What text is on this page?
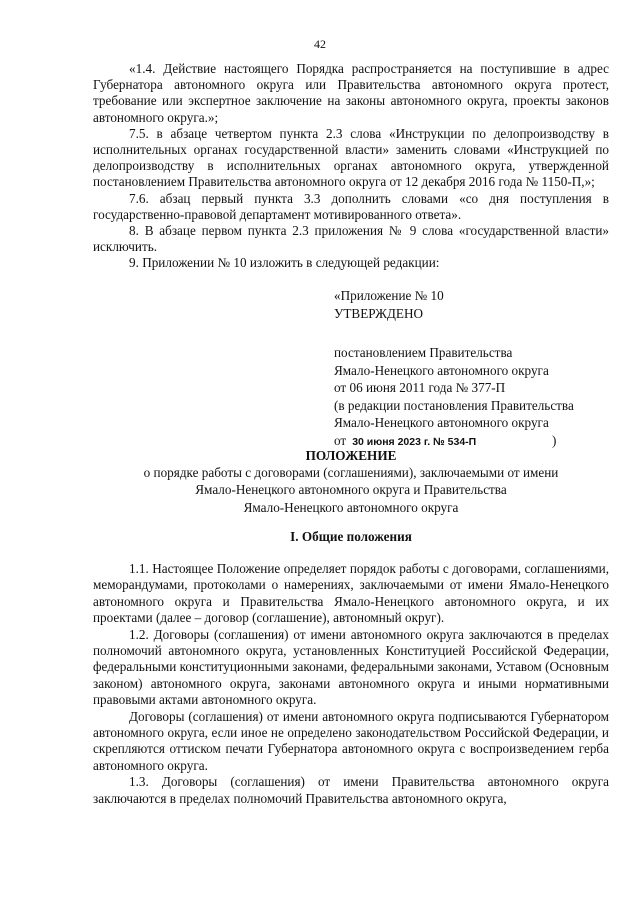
42

«1.4. Действие настоящего Порядка распространяется на поступившие в адрес Губернатора автономного округа или Правительства автономного округа протест, требование или экспертное заключение на законы автономного округа, проекты законов автономного округа.»;

7.5. в абзаце четвертом пункта 2.3 слова «Инструкции по делопроизводству в исполнительных органах государственной власти» заменить словами «Инструкцией по делопроизводству в исполнительных органах автономного округа, утвержденной постановлением Правительства автономного округа от 12 декабря 2016 года № 1150-П,»;

7.6. абзац первый пункта 3.3 дополнить словами «со дня поступления в государственно-правовой департамент мотивированного ответа».

8. В абзаце первом пункта 2.3 приложения № 9 слова «государственной власти» исключить.

9. Приложении № 10 изложить в следующей редакции:

«Приложение № 10
УТВЕРЖДЕНО
постановлением Правительства
Ямало-Ненецкого автономного округа
от 06 июня 2011 года № 377-П
(в редакции постановления Правительства
Ямало-Ненецкого автономного округа
от 30 июня 2023 г. № 534-П	)
ПОЛОЖЕНИЕ
о порядке работы с договорами (соглашениями), заключаемыми от имени
Ямало-Ненецкого автономного округа и Правительства
Ямало-Ненецкого автономного округа
I. Общие положения

1.1. Настоящее Положение определяет порядок работы с договорами, соглашениями, меморандумами, протоколами о намерениях, заключаемыми от имени Ямало-Ненецкого автономного округа и Правительства Ямало-Ненецкого автономного округа, и их проектами (далее – договор (соглашение), автономный округ).

1.2. Договоры (соглашения) от имени автономного округа заключаются в пределах полномочий автономного округа, установленных Конституцией Российской Федерации, федеральными конституционными законами, федеральными законами, Уставом (Основным законом) автономного округа, законами автономного округа и иными нормативными правовыми актами автономного округа.

Договоры (соглашения) от имени автономного округа подписываются Губернатором автономного округа, если иное не определено законодательством Российской Федерации, и скрепляются оттиском печати Губернатора автономного округа с воспроизведением герба автономного округа.

1.3. Договоры (соглашения) от имени Правительства автономного округа заключаются в пределах полномочий Правительства автономного округа,
